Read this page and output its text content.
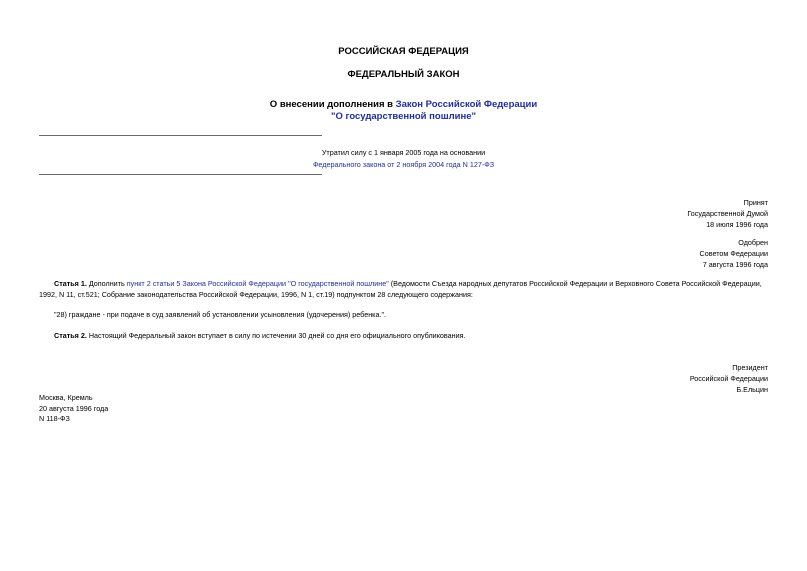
РОССИЙСКАЯ ФЕДЕРАЦИЯ
ФЕДЕРАЛЬНЫЙ ЗАКОН
О внесении дополнения в Закон Российской Федерации
"О государственной пошлине"
Утратил силу с 1 января 2005 года на основании
Федерального закона от 2 ноября 2004 года N 127-ФЗ
Принят
Государственной Думой
18 июля 1996 года
Одобрен
Советом Федерации
7 августа 1996 года
Статья 1. Дополнить пункт 2 статьи 5 Закона Российской Федерации "О государственной пошлине" (Ведомости Съезда народных депутатов Российской Федерации и Верховного Совета Российской Федерации, 1992, N 11, ст.521; Собрание законодательства Российской Федерации, 1996, N 1, ст.19) подпунктом 28 следующего содержания:
"28) граждане - при подаче в суд заявлений об установлении усыновления (удочерения) ребенка.".
Статья 2. Настоящий Федеральный закон вступает в силу по истечении 30 дней со дня его официального опубликования.
Президент
Российской Федерации
Б.Ельцин
Москва, Кремль
20 августа 1996 года
N 118-ФЗ
